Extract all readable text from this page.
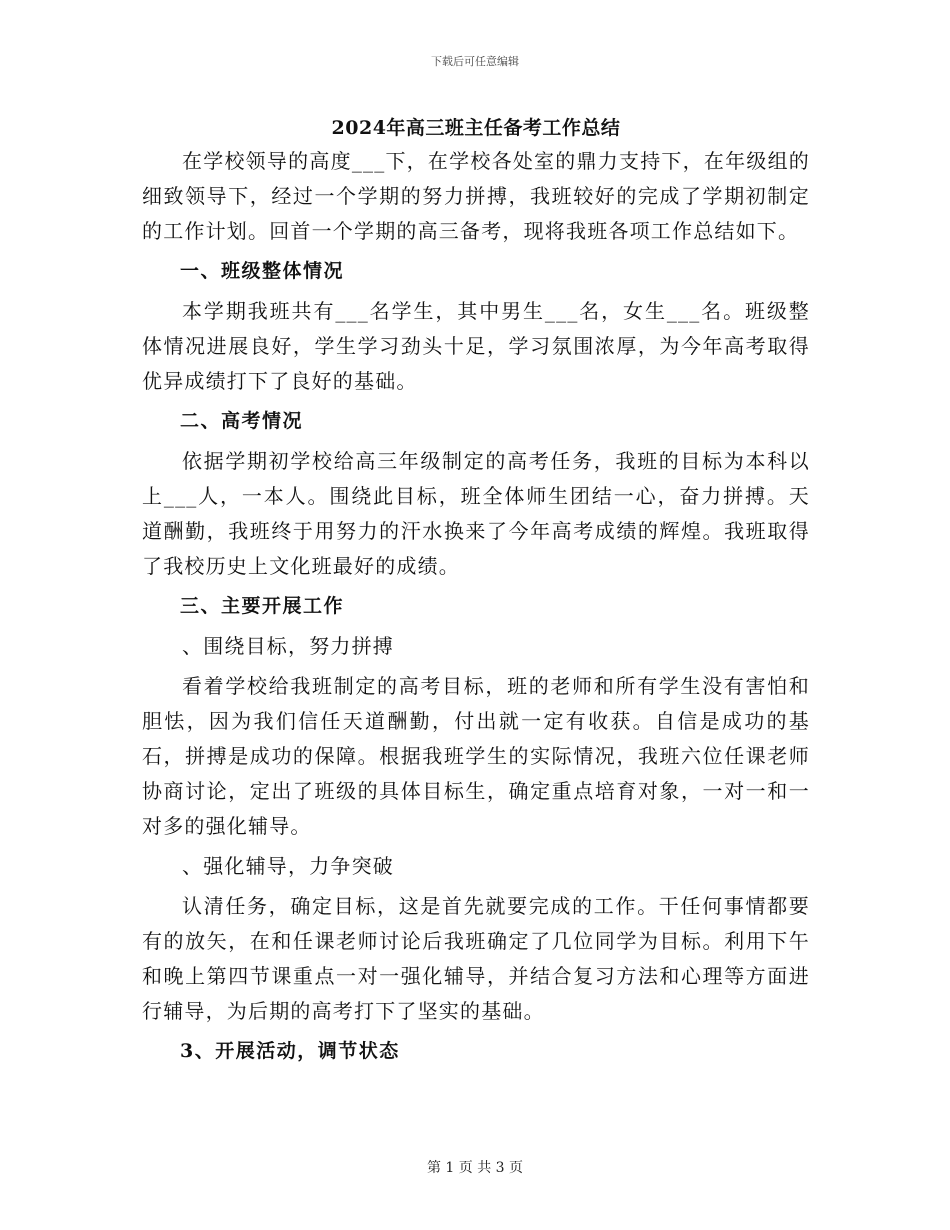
下载后可任意编辑
2024年高三班主任备考工作总结

在学校领导的高度___下，在学校各处室的鼎力支持下，在年级组的细致领导下，经过一个学期的努力拼搏，我班较好的完成了学期初制定的工作计划。回首一个学期的高三备考，现将我班各项工作总结如下。

一、班级整体情况

本学期我班共有___名学生，其中男生___名，女生___名。班级整体情况进展良好，学生学习劲头十足，学习氛围浓厚，为今年高考取得优异成绩打下了良好的基础。

二、高考情况

依据学期初学校给高三年级制定的高考任务，我班的目标为本科以上___人，一本人。围绕此目标，班全体师生团结一心，奋力拼搏。天道酬勤，我班终于用努力的汗水换来了今年高考成绩的辉煌。我班取得了我校历史上文化班最好的成绩。

三、主要开展工作

、围绕目标，努力拼搏

看着学校给我班制定的高考目标，班的老师和所有学生没有害怕和胆怯，因为我们信任天道酬勤，付出就一定有收获。自信是成功的基石，拼搏是成功的保障。根据我班学生的实际情况，我班六位任课老师协商讨论，定出了班级的具体目标生，确定重点培育对象，一对一和一对多的强化辅导。

、强化辅导，力争突破

认清任务，确定目标，这是首先就要完成的工作。干任何事情都要有的放矢，在和任课老师讨论后我班确定了几位同学为目标。利用下午和晚上第四节课重点一对一强化辅导，并结合复习方法和心理等方面进行辅导，为后期的高考打下了坚实的基础。

3、开展活动，调节状态

第 1 页 共 3 页
